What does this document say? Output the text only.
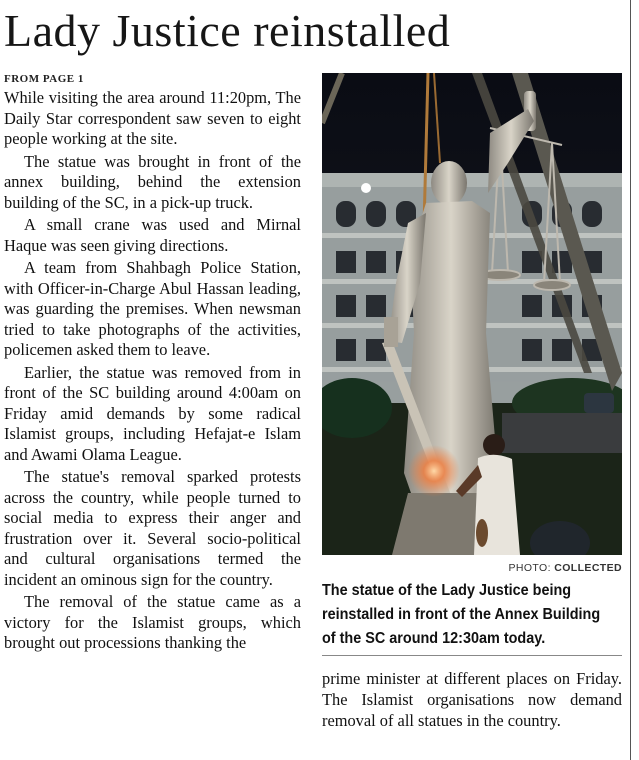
Lady Justice reinstalled
FROM PAGE 1

While visiting the area around 11:20pm, The Daily Star correspondent saw seven to eight people working at the site.

The statue was brought in front of the annex building, behind the extension building of the SC, in a pick-up truck.

A small crane was used and Mirnal Haque was seen giving directions.

A team from Shahbagh Police Station, with Officer-in-Charge Abul Hassan leading, was guarding the premises. When newsman tried to take photographs of the activities, policemen asked them to leave.

Earlier, the statue was removed from in front of the SC building around 4:00am on Friday amid demands by some radical Islamist groups, including Hefajat-e Islam and Awami Olama League.

The statue's removal sparked protests across the country, while people turned to social media to express their anger and frustration over it. Several socio-political and cultural organisations termed the incident an ominous sign for the country.

The removal of the statue came as a victory for the Islamist groups, which brought out processions thanking the

PHOTO: COLLECTED
The statue of the Lady Justice being reinstalled in front of the Annex Building of the SC around 12:30am today.

prime minister at different places on Friday. The Islamist organisations now demand removal of all statues in the country.
